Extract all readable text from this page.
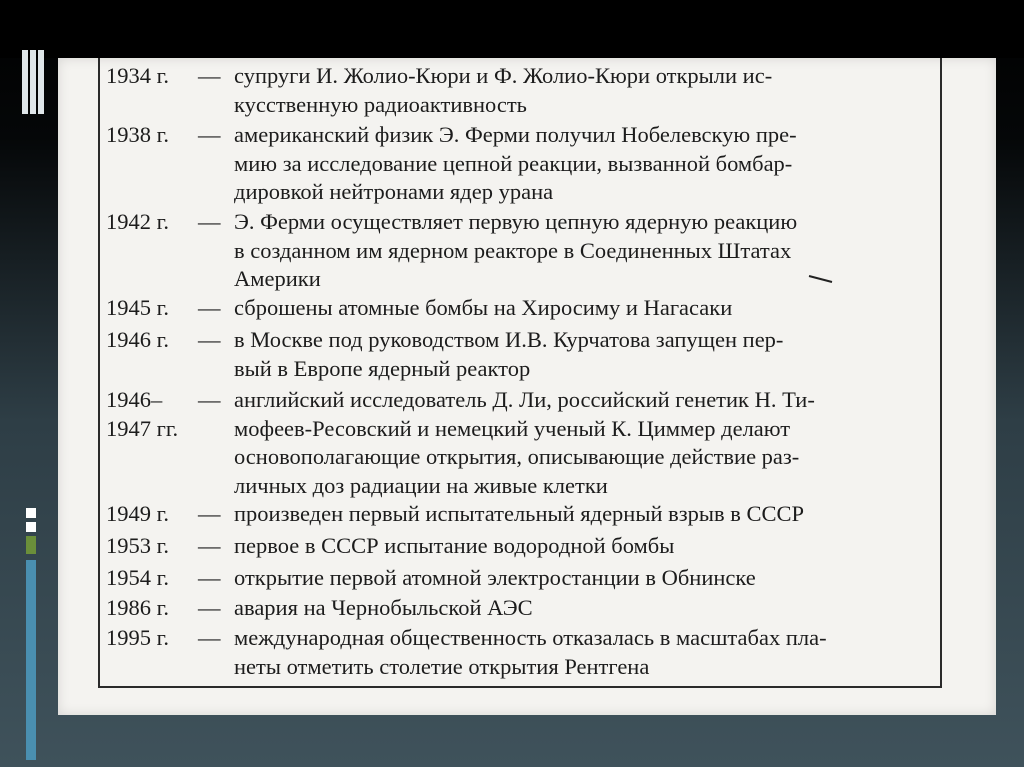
1934 г.	— супруги И. Жолио-Кюри и Ф. Жолио-Кюри открыли ис-
кусственную радиоактивность
1938 г.	— американский физик Э. Ферми получил Нобелевскую пре-
мию за исследование цепной реакции, вызванной бомбар-
дировкой нейтронами ядер урана
1942 г.	— Э. Ферми осуществляет первую цепную ядерную реакцию
в созданном им ядерном реакторе в Соединенных Штатах
Америки
1945 г.	— сброшены атомные бомбы на Хиросиму и Нагасаки
1946 г.	— в Москве под руководством И.В. Курчатова запущен пер-
вый в Европе ядерный реактор
1946–
1947 гг.
— английский исследователь Д. Ли, российский генетик Н. Ти-
мофеев-Ресовский и немецкий ученый К. Циммер делают
основополагающие открытия, описывающие действие раз-
личных доз радиации на живые клетки
1949 г.	— произведен первый испытательный ядерный взрыв в СССР
1953 г.	— первое в СССР испытание водородной бомбы
1954 г.	— открытие первой атомной электростанции в Обнинске
1986 г.	— авария на Чернобыльской АЭС
1995 г.	— международная общественность отказалась в масштабах пла-
неты отметить столетие открытия Рентгена
